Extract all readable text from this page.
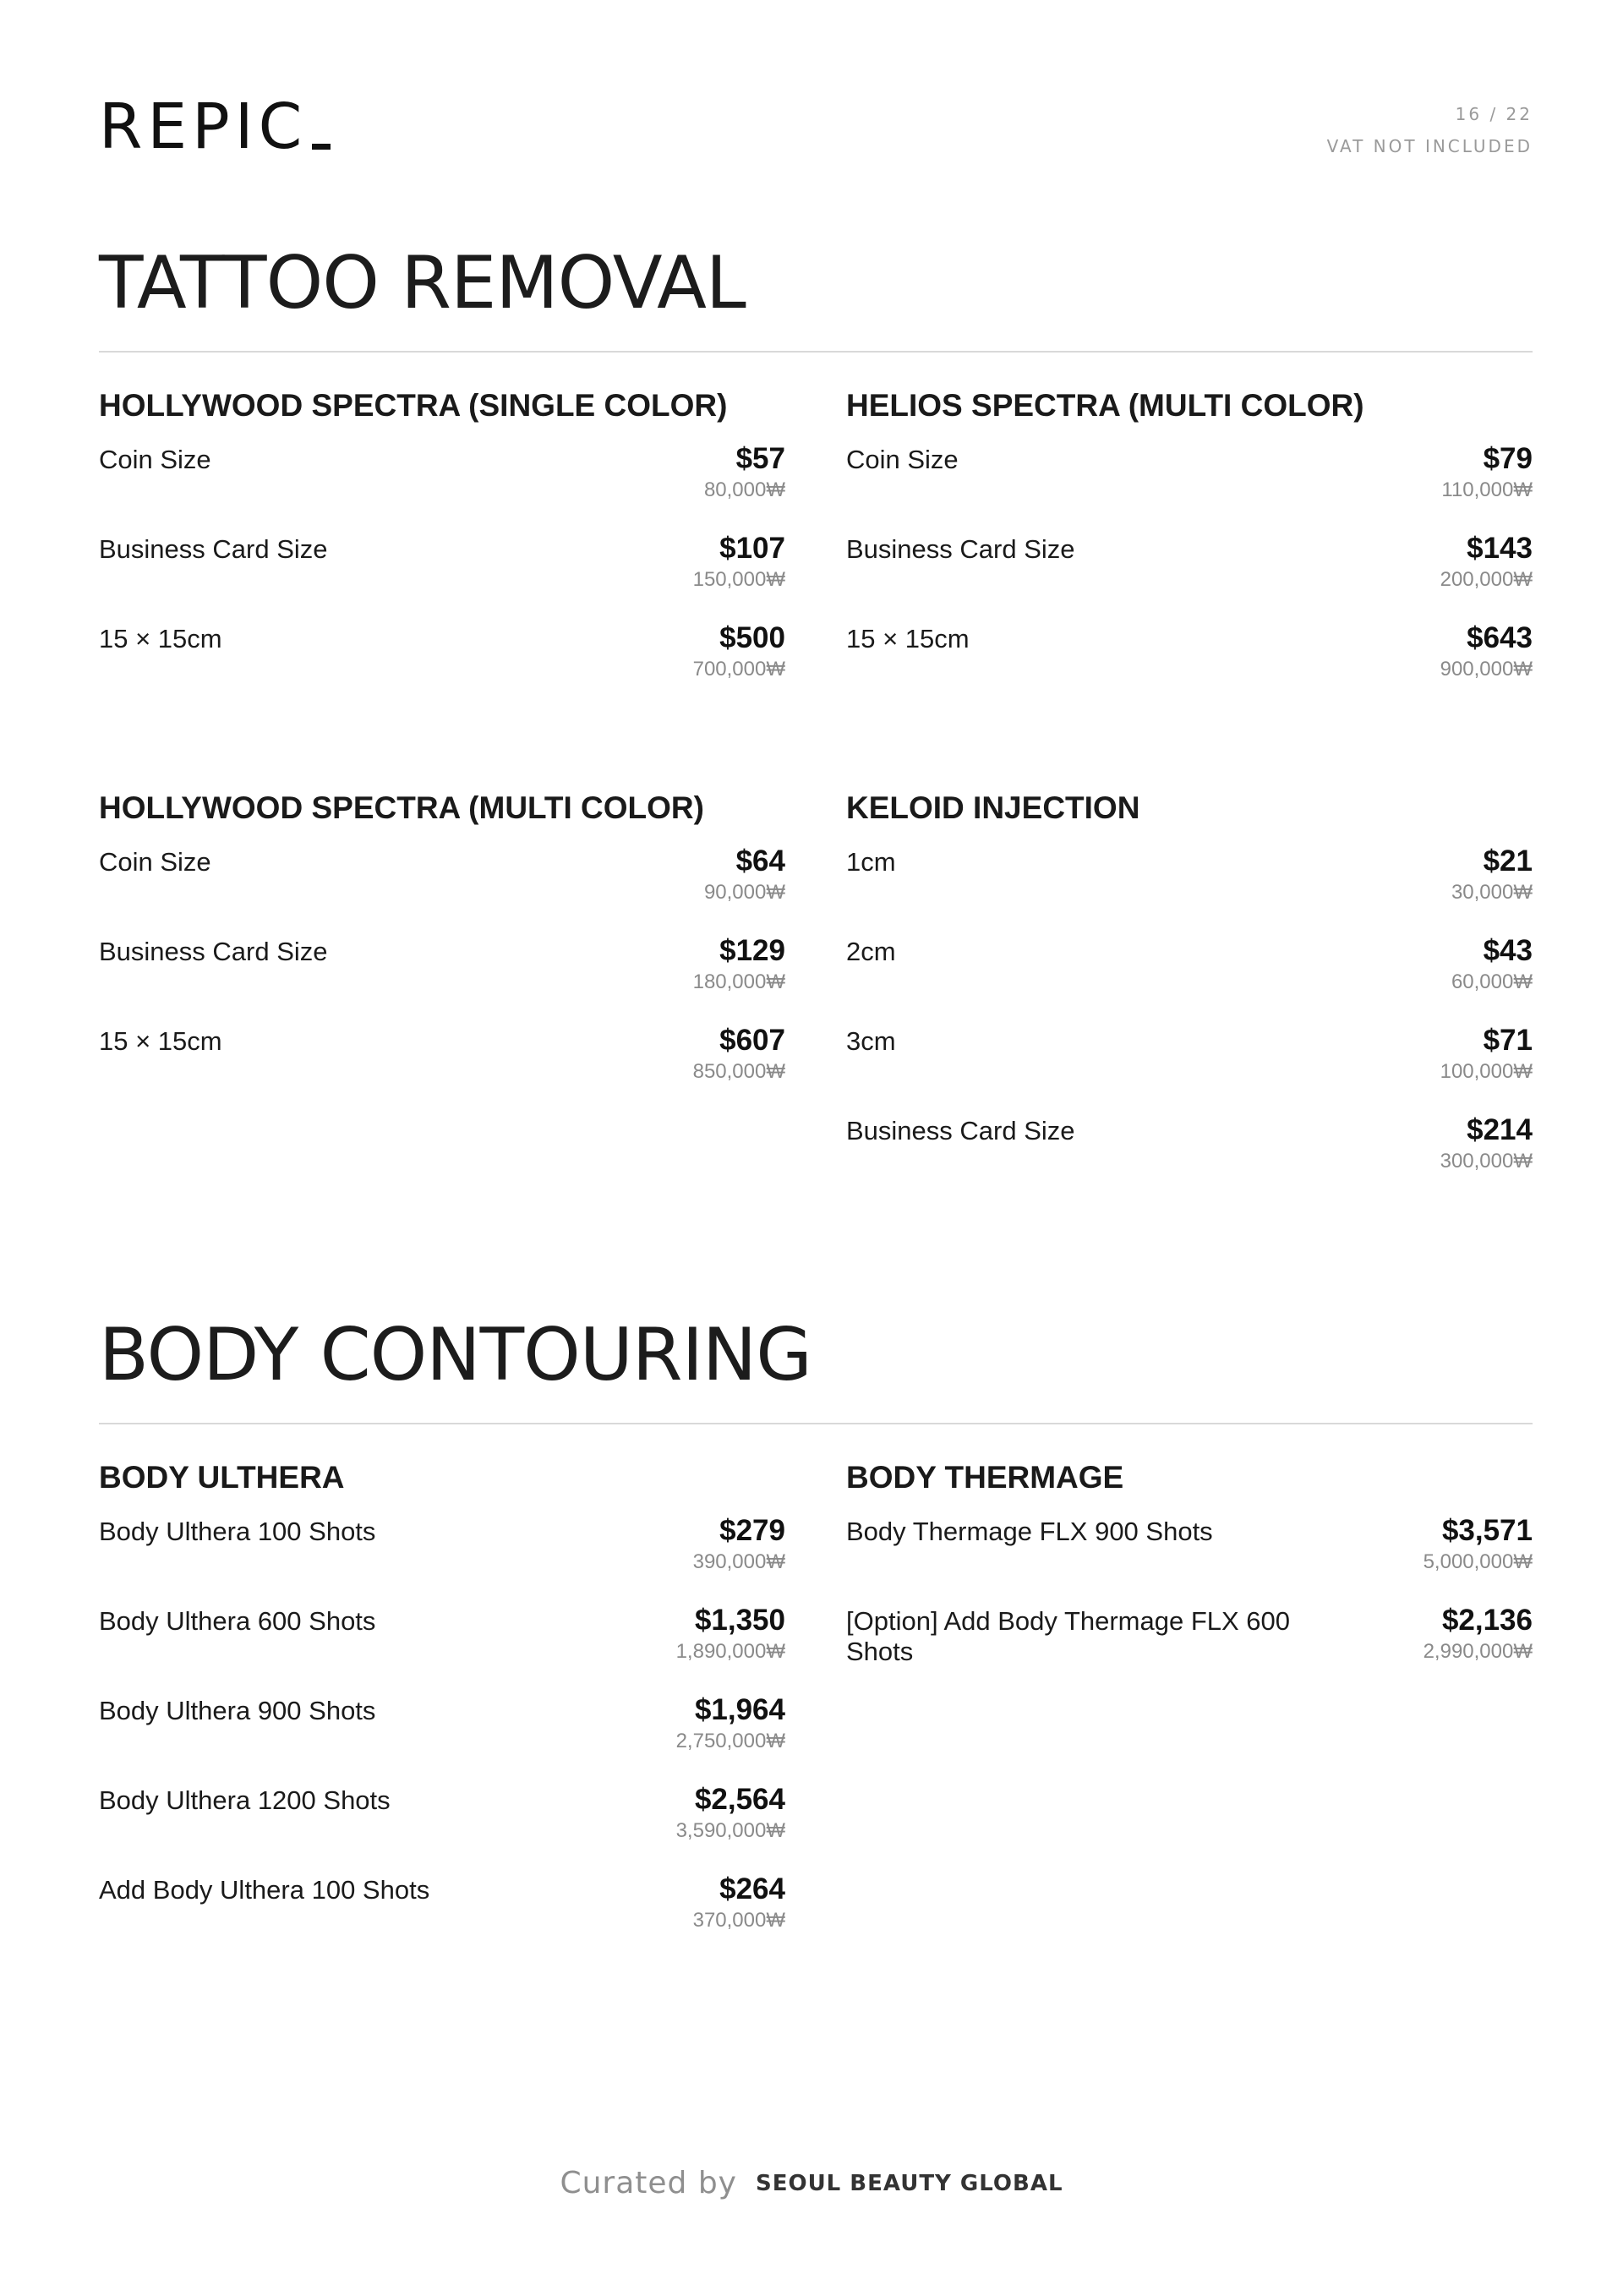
REPIC	16 / 22
VAT NOT INCLUDED
TATTOO REMOVAL
HOLLYWOOD SPECTRA (SINGLE COLOR)
Coin Size	$57
80,000₩
Business Card Size	$107
150,000₩
15 × 15cm	$500
700,000₩
HELIOS SPECTRA (MULTI COLOR)
Coin Size	$79
110,000₩
Business Card Size	$143
200,000₩
15 × 15cm	$643
900,000₩
HOLLYWOOD SPECTRA (MULTI COLOR)
Coin Size	$64
90,000₩
Business Card Size	$129
180,000₩
15 × 15cm	$607
850,000₩
KELOID INJECTION
1cm	$21
30,000₩
2cm	$43
60,000₩
3cm	$71
100,000₩
Business Card Size	$214
300,000₩
BODY CONTOURING
BODY ULTHERA
Body Ulthera 100 Shots	$279
390,000₩
Body Ulthera 600 Shots	$1,350
1,890,000₩
Body Ulthera 900 Shots	$1,964
2,750,000₩
Body Ulthera 1200 Shots	$2,564
3,590,000₩
Add Body Ulthera 100 Shots	$264
370,000₩
BODY THERMAGE
Body Thermage FLX 900 Shots	$3,571
5,000,000₩
[Option] Add Body Thermage FLX 600 Shots
$2,136
2,990,000₩
Curated by SEOUL BEAUTY GLOBAL
